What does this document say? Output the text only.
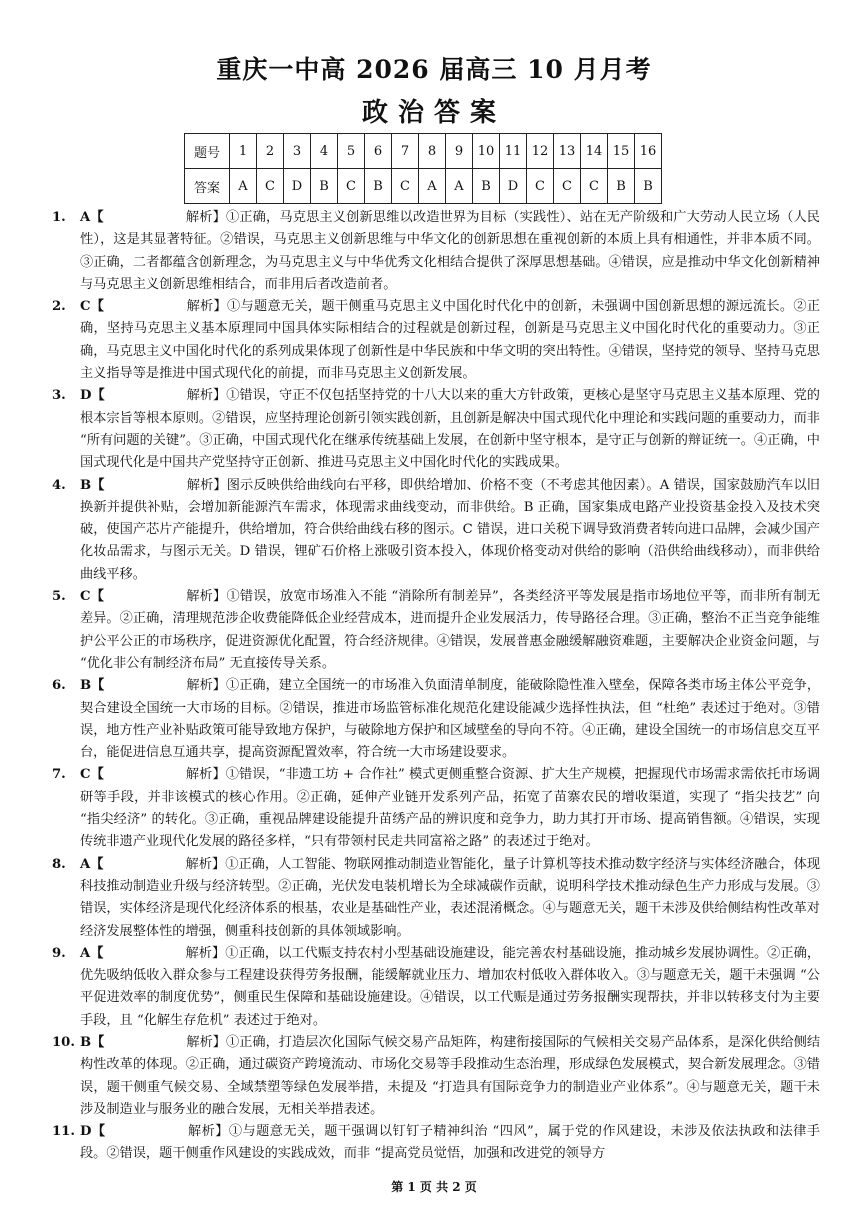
重庆一中高 2026 届高三 10 月月考
政治答案
题号	1	2	3	4	5	6	7	8	9	10	11	12	13	14	15	16
答案	A	C	D	B	C	B	C	A	A	B	D	C	C	C	B	B
1.	A【	解析】①正确，马克思主义创新思维以改造世界为目标（实践性）、站在无产阶级和广大劳动人民立场（人民性），这是其显著特征。②错误，马克思主义创新思维与中华文化的创新思想在重视创新的本质上具有相通性，并非本质不同。③正确，二者都蕴含创新理念，为马克思主义与中华优秀文化相结合提供了深厚思想基础。④错误，应是推动中华文化创新精神与马克思主义创新思维相结合，而非用后者改造前者。
2.	C【	解析】①与题意无关，题干侧重马克思主义中国化时代化中的创新，未强调中国创新思想的源远流长。②正确，坚持马克思主义基本原理同中国具体实际相结合的过程就是创新过程，创新是马克思主义中国化时代化的重要动力。③正确，马克思主义中国化时代化的系列成果体现了创新性是中华民族和中华文明的突出特性。④错误，坚持党的领导、坚持马克思主义指导等是推进中国式现代化的前提，而非马克思主义创新发展。
3.	D【	解析】①错误，守正不仅包括坚持党的十八大以来的重大方针政策，更核心是坚守马克思主义基本原理、党的根本宗旨等根本原则。②错误，应坚持理论创新引领实践创新，且创新是解决中国式现代化中理论和实践问题的重要动力，而非 “所有问题的关键”。③正确，中国式现代化在继承传统基础上发展，在创新中坚守根本，是守正与创新的辩证统一。④正确，中国式现代化是中国共产党坚持守正创新、推进马克思主义中国化时代化的实践成果。
4.	B【	解析】图示反映供给曲线向右平移，即供给增加、价格不变（不考虑其他因素）。A 错误，国家鼓励汽车以旧换新并提供补贴，会增加新能源汽车需求，体现需求曲线变动，而非供给。B 正确，国家集成电路产业投资基金投入及技术突破，使国产芯片产能提升，供给增加，符合供给曲线右移的图示。C 错误，进口关税下调导致消费者转向进口品牌，会减少国产化妆品需求，与图示无关。D 错误，锂矿石价格上涨吸引资本投入，体现价格变动对供给的影响（沿供给曲线移动），而非供给曲线平移。
5.	C【	解析】①错误，放宽市场准入不能 “消除所有制差异”，各类经济平等发展是指市场地位平等，而非所有制无差异。②正确，清理规范涉企收费能降低企业经营成本，进而提升企业发展活力，传导路径合理。③正确，整治不正当竞争能维护公平公正的市场秩序，促进资源优化配置，符合经济规律。④错误，发展普惠金融缓解融资难题，主要解决企业资金问题，与 “优化非公有制经济布局” 无直接传导关系。
6.	B【	解析】①正确，建立全国统一的市场准入负面清单制度，能破除隐性准入壁垒，保障各类市场主体公平竞争，契合建设全国统一大市场的目标。②错误，推进市场监管标准化规范化建设能减少选择性执法，但 “杜绝” 表述过于绝对。③错误，地方性产业补贴政策可能导致地方保护，与破除地方保护和区域壁垒的导向不符。④正确，建设全国统一的市场信息交互平台，能促进信息互通共享，提高资源配置效率，符合统一大市场建设要求。
7.	C【	解析】①错误，“非遗工坊 + 合作社” 模式更侧重整合资源、扩大生产规模，把握现代市场需求需依托市场调研等手段，并非该模式的核心作用。②正确，延伸产业链开发系列产品，拓宽了苗寨农民的增收渠道，实现了 “指尖技艺” 向 “指尖经济” 的转化。③正确，重视品牌建设能提升苗绣产品的辨识度和竞争力，助力其打开市场、提高销售额。④错误，实现传统非遗产业现代化发展的路径多样，“只有带领村民走共同富裕之路” 的表述过于绝对。
8.	A【	解析】①正确，人工智能、物联网推动制造业智能化，量子计算机等技术推动数字经济与实体经济融合，体现科技推动制造业升级与经济转型。②正确，光伏发电装机增长为全球减碳作贡献，说明科学技术推动绿色生产力形成与发展。③错误，实体经济是现代化经济体系的根基，农业是基础性产业，表述混淆概念。④与题意无关，题干未涉及供给侧结构性改革对经济发展整体性的增强，侧重科技创新的具体领域影响。
9.	A【	解析】①正确，以工代赈支持农村小型基础设施建设，能完善农村基础设施，推动城乡发展协调性。②正确，优先吸纳低收入群众参与工程建设获得劳务报酬，能缓解就业压力、增加农村低收入群体收入。③与题意无关，题干未强调 “公平促进效率的制度优势”，侧重民生保障和基础设施建设。④错误，以工代赈是通过劳务报酬实现帮扶，并非以转移支付为主要手段，且 “化解生存危机” 表述过于绝对。
10. B【	解析】①正确，打造层次化国际气候交易产品矩阵，构建衔接国际的气候相关交易产品体系，是深化供给侧结构性改革的体现。②正确，通过碳资产跨境流动、市场化交易等手段推动生态治理，形成绿色发展模式，契合新发展理念。③错误，题干侧重气候交易、全域禁塑等绿色发展举措，未提及 “打造具有国际竞争力的制造业产业体系”。④与题意无关，题干未涉及制造业与服务业的融合发展，无相关举措表述。
11. D【	解析】①与题意无关，题干强调以钉钉子精神纠治 “四风”，属于党的作风建设，未涉及依法执政和法律手段。②错误，题干侧重作风建设的实践成效，而非 “提高党员觉悟，加强和改进党的领导方
第 1 页 共 2 页
